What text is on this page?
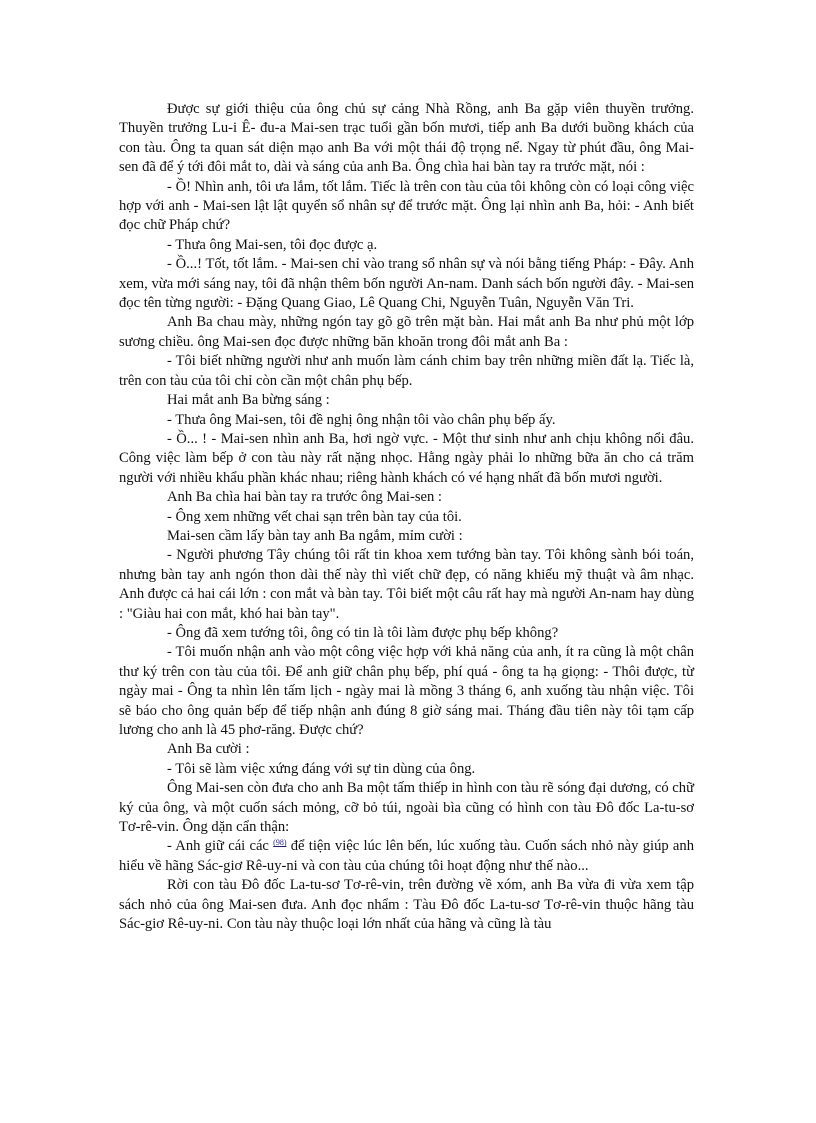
Được sự giới thiệu của ông chủ sự cảng Nhà Rồng, anh Ba gặp viên thuyền trưởng. Thuyền trưởng Lu-i Ê- đu-a Mai-sen trạc tuổi gần bốn mươi, tiếp anh Ba dưới buồng khách của con tàu. Ông ta quan sát diện mạo anh Ba với một thái độ trọng nể. Ngay từ phút đầu, ông Mai-sen đã để ý tới đôi mắt to, dài và sáng của anh Ba. Ông chìa hai bàn tay ra trước mặt, nói :

- Ồ! Nhìn anh, tôi ưa lắm, tốt lắm. Tiếc là trên con tàu của tôi không còn có loại công việc hợp với anh - Mai-sen lật lật quyển sổ nhân sự để trước mặt. Ông lại nhìn anh Ba, hỏi: - Anh biết đọc chữ Pháp chứ?

- Thưa ông Mai-sen, tôi đọc được ạ.

- Ồ...! Tốt, tốt lắm. - Mai-sen chỉ vào trang sổ nhân sự và nói bằng tiếng Pháp: - Đây. Anh xem, vừa mới sáng nay, tôi đã nhận thêm bốn người An-nam. Danh sách bốn người đây. - Mai-sen đọc tên từng người: - Đặng Quang Giao, Lê Quang Chi, Nguyễn Tuân, Nguyễn Văn Tri.

Anh Ba chau mày, những ngón tay gõ gõ trên mặt bàn. Hai mắt anh Ba như phủ một lớp sương chiều. ông Mai-sen đọc được những băn khoăn trong đôi mắt anh Ba :

- Tôi biết những người như anh muốn làm cánh chim bay trên những miền đất lạ. Tiếc là, trên con tàu của tôi chỉ còn cần một chân phụ bếp.

Hai mắt anh Ba bừng sáng :

- Thưa ông Mai-sen, tôi đề nghị ông nhận tôi vào chân phụ bếp ấy.

- Ồ... ! - Mai-sen nhìn anh Ba, hơi ngờ vực. - Một thư sinh như anh chịu không nổi đâu. Công việc làm bếp ở con tàu này rất nặng nhọc. Hằng ngày phải lo những bữa ăn cho cả trăm người với nhiều khẩu phần khác nhau; riêng hành khách có vé hạng nhất đã bốn mươi người.

Anh Ba chìa hai bàn tay ra trước ông Mai-sen :

- Ông xem những vết chai sạn trên bàn tay của tôi.

Mai-sen cầm lấy bàn tay anh Ba ngắm, mỉm cười :

- Người phương Tây chúng tôi rất tin khoa xem tướng bàn tay. Tôi không sành bói toán, nhưng bàn tay anh ngón thon dài thế này thì viết chữ đẹp, có năng khiếu mỹ thuật và âm nhạc. Anh được cả hai cái lớn : con mắt và bàn tay. Tôi biết một câu rất hay mà người An-nam hay dùng : "Giàu hai con mắt, khó hai bàn tay".

- Ông đã xem tướng tôi, ông có tin là tôi làm được phụ bếp không?

- Tôi muốn nhận anh vào một công việc hợp với khả năng của anh, ít ra cũng là một chân thư ký trên con tàu của tôi. Để anh giữ chân phụ bếp, phí quá - ông ta hạ giọng: - Thôi được, từ ngày mai - Ông ta nhìn lên tấm lịch - ngày mai là mồng 3 tháng 6, anh xuống tàu nhận việc. Tôi sẽ báo cho ông quản bếp để tiếp nhận anh đúng 8 giờ sáng mai. Tháng đầu tiên này tôi tạm cấp lương cho anh là 45 phơ-răng. Được chứ?

Anh Ba cười :

- Tôi sẽ làm việc xứng đáng với sự tin dùng của ông.

Ông Mai-sen còn đưa cho anh Ba một tấm thiếp in hình con tàu rẽ sóng đại dương, có chữ ký của ông, và một cuốn sách mỏng, cỡ bỏ túi, ngoài bìa cũng có hình con tàu Đô đốc La-tu-sơ Tơ-rê-vin. Ông dặn cẩn thận:

- Anh giữ cái các $^{(98)}$ để tiện việc lúc lên bến, lúc xuống tàu. Cuốn sách nhỏ này giúp anh hiểu về hãng Sác-giơ Rê-uy-ni và con tàu của chúng tôi hoạt động như thế nào...

Rời con tàu Đô đốc La-tu-sơ Tơ-rê-vin, trên đường về xóm, anh Ba vừa đi vừa xem tập sách nhỏ của ông Mai-sen đưa. Anh đọc nhẩm : Tàu Đô đốc La-tu-sơ Tơ-rê-vin thuộc hãng tàu Sác-giơ Rê-uy-ni. Con tàu này thuộc loại lớn nhất của hãng và cũng là tàu
